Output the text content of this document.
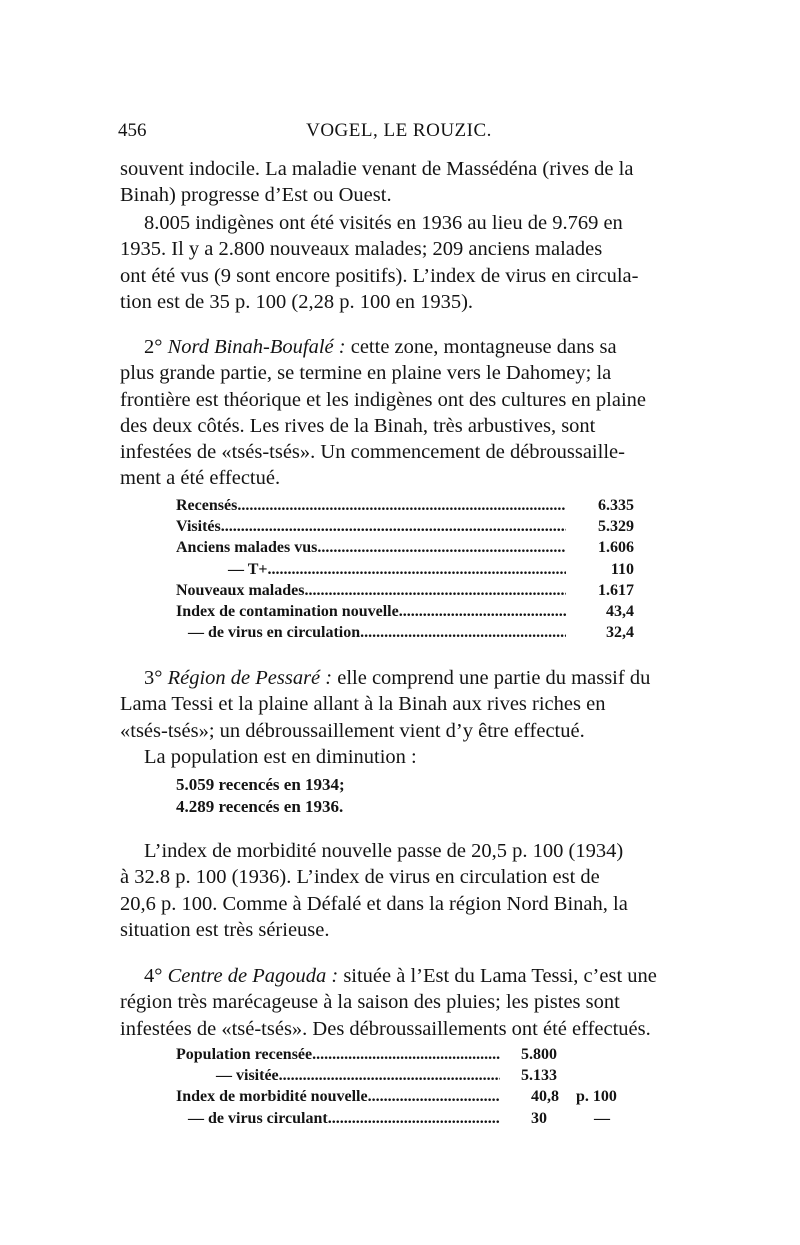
456	VOGEL, LE ROUZIC.

souvent indocile. La maladie venant de Massédéna (rives de la
Binah) progresse d’Est ou Ouest.

8.005 indigènes ont été visités en 1936 au lieu de 9.769 en
1935. Il y a 2.800 nouveaux malades; 209 anciens malades
ont été vus (9 sont encore positifs). L’index de virus en circula-
tion est de 35 p. 100 (2,28 p. 100 en 1935).

2° Nord Binah-Boufalé : cette zone, montagneuse dans sa
plus grande partie, se termine en plaine vers le Dahomey; la
frontière est théorique et les indigènes ont des cultures en plaine
des deux côtés. Les rives de la Binah, très arbustives, sont
infestées de «tsés-tsés». Un commencement de débroussaille-
ment a été effectué.

Recensés .....	6.335
Visités .....	5.329
Anciens malades vus .....	1.606
— T+ .....	110
Nouveaux malades .....	1.617
Index de contamination nouvelle .....	43,4
— de virus en circulation .....	32,4

3° Région de Pessaré : elle comprend une partie du massif du
Lama Tessi et la plaine allant à la Binah aux rives riches en
«tsés-tsés»; un débroussaillement vient d’y être effectué.
La population est en diminution :

5.059 recencés en 1934;
4.289 recencés en 1936.

L’index de morbidité nouvelle passe de 20,5 p. 100 (1934)
à 32.8 p. 100 (1936). L’index de virus en circulation est de
20,6 p. 100. Comme à Défalé et dans la région Nord Binah, la
situation est très sérieuse.

4° Centre de Pagouda : située à l’Est du Lama Tessi, c’est une
région très marécageuse à la saison des pluies; les pistes sont
infestées de «tsé-tsés». Des débroussaillements ont été effectués.

Population recensée .....	5.800
— visitée .....	5.133
Index de morbidité nouvelle .....	40,8 p. 100
— de virus circulant .....	30	—
